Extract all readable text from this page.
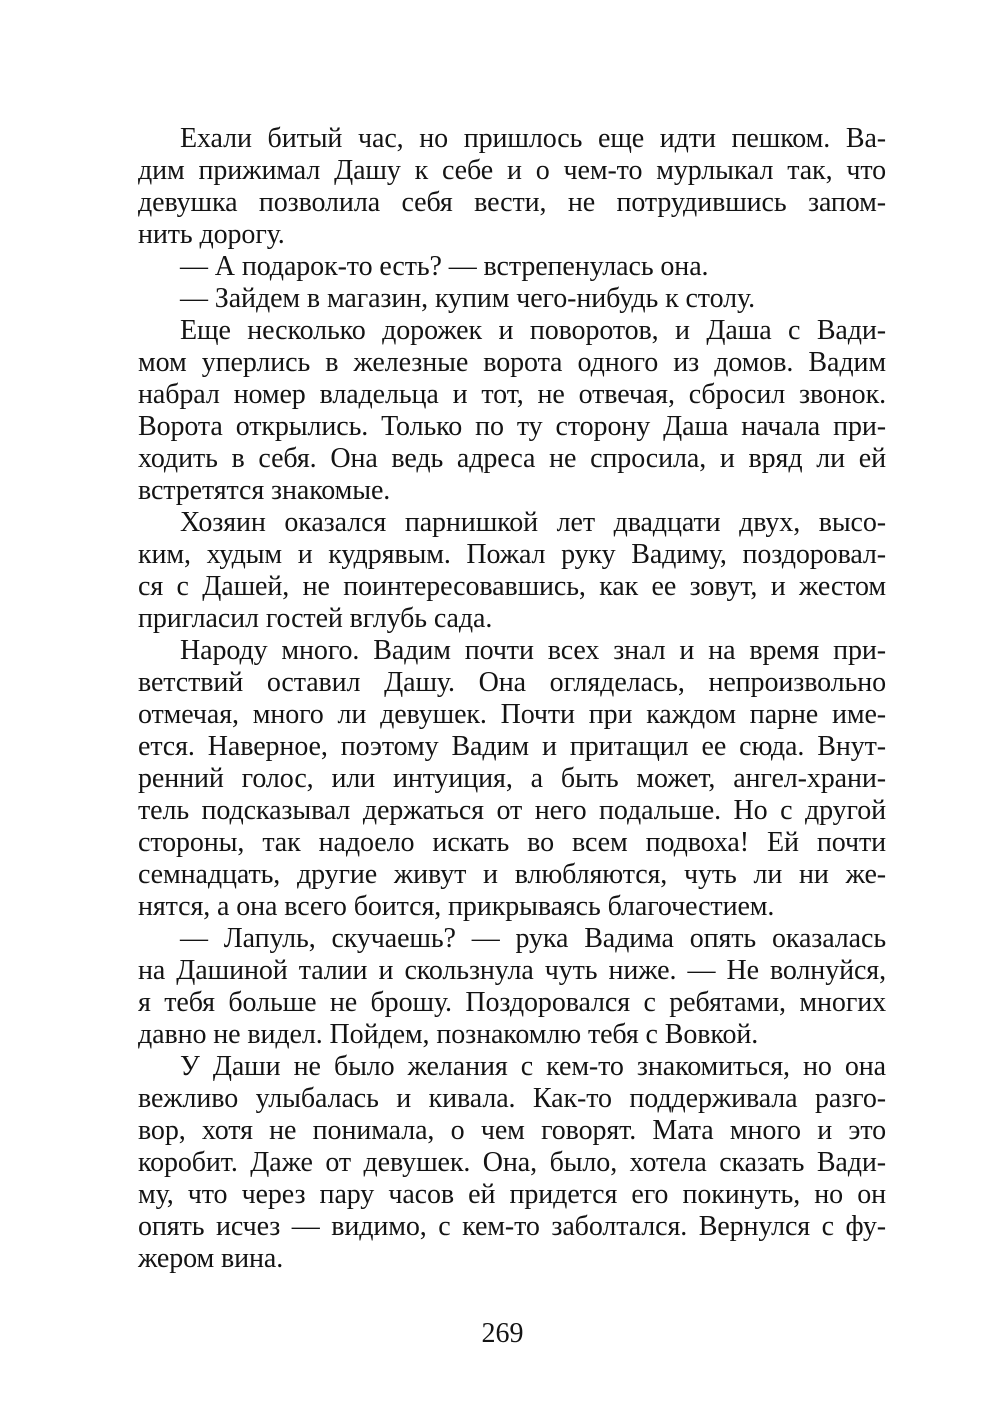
Ехали битый час, но пришлось еще идти пешком. Ва-
дим прижимал Дашу к себе и о чем-то мурлыкал так, что
девушка позволила себя вести, не потрудившись запом-
нить дорогу.
— А подарок-то есть? — встрепенулась она.
— Зайдем в магазин, купим чего-нибудь к столу.
Еще несколько дорожек и поворотов, и Даша с Вади-
мом уперлись в железные ворота одного из домов. Вадим
набрал номер владельца и тот, не отвечая, сбросил звонок.
Ворота открылись. Только по ту сторону Даша начала при-
ходить в себя. Она ведь адреса не спросила, и вряд ли ей
встретятся знакомые.
Хозяин оказался парнишкой лет двадцати двух, высо-
ким, худым и кудрявым. Пожал руку Вадиму, поздоровал-
ся с Дашей, не поинтересовавшись, как ее зовут, и жестом
пригласил гостей вглубь сада.
Народу много. Вадим почти всех знал и на время при-
ветствий оставил Дашу. Она огляделась, непроизвольно
отмечая, много ли девушек. Почти при каждом парне име-
ется. Наверное, поэтому Вадим и притащил ее сюда. Внут-
ренний голос, или интуиция, а быть может, ангел-храни-
тель подсказывал держаться от него подальше. Но с другой
стороны, так надоело искать во всем подвоха! Ей почти
семнадцать, другие живут и влюбляются, чуть ли ни же-
нятся, а она всего боится, прикрываясь благочестием.
— Лапуль, скучаешь? — рука Вадима опять оказалась
на Дашиной талии и скользнула чуть ниже. — Не волнуйся,
я тебя больше не брошу. Поздоровался с ребятами, многих
давно не видел. Пойдем, познакомлю тебя с Вовкой.
У Даши не было желания с кем-то знакомиться, но она
вежливо улыбалась и кивала. Как-то поддерживала разго-
вор, хотя не понимала, о чем говорят. Мата много и это
коробит. Даже от девушек. Она, было, хотела сказать Вади-
му, что через пару часов ей придется его покинуть, но он
опять исчез — видимо, с кем-то заболтался. Вернулся с фу-
жером вина.
269
